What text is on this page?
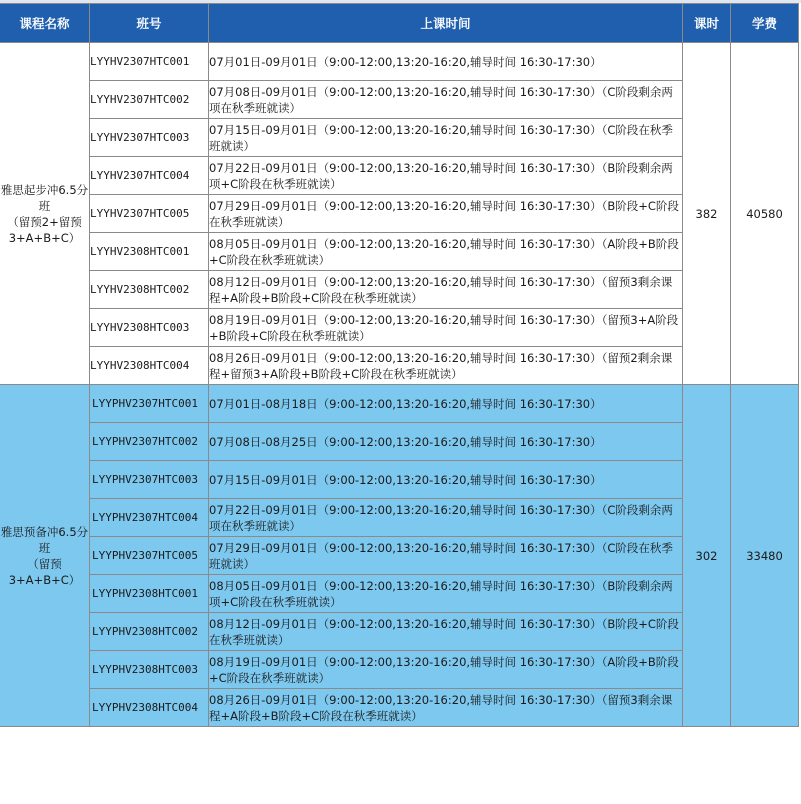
课程名称	班号	上课时间	课时	学费
雅思起步冲6.5分班
（留预2+留预3+A+B+C）	LYYHV2307HTC001	07月01日-09月01日（9:00-12:00,13:20-16:20,辅导时间 16:30-17:30）	382	40580
	LYYHV2307HTC002	07月08日-09月01日（9:00-12:00,13:20-16:20,辅导时间 16:30-17:30）（C阶段剩余两项在秋季班就读）		
	LYYHV2307HTC003	07月15日-09月01日（9:00-12:00,13:20-16:20,辅导时间 16:30-17:30）（C阶段在秋季班就读）		
	LYYHV2307HTC004	07月22日-09月01日（9:00-12:00,13:20-16:20,辅导时间 16:30-17:30）（B阶段剩余两项+C阶段在秋季班就读）		
	LYYHV2307HTC005	07月29日-09月01日（9:00-12:00,13:20-16:20,辅导时间 16:30-17:30）（B阶段+C阶段在秋季班就读）		
	LYYHV2308HTC001	08月05日-09月01日（9:00-12:00,13:20-16:20,辅导时间 16:30-17:30）（A阶段+B阶段+C阶段在秋季班就读）		
	LYYHV2308HTC002	08月12日-09月01日（9:00-12:00,13:20-16:20,辅导时间 16:30-17:30）（留预3剩余课程+A阶段+B阶段+C阶段在秋季班就读）		
	LYYHV2308HTC003	08月19日-09月01日（9:00-12:00,13:20-16:20,辅导时间 16:30-17:30）（留预3+A阶段+B阶段+C阶段在秋季班就读）		
	LYYHV2308HTC004	08月26日-09月01日（9:00-12:00,13:20-16:20,辅导时间 16:30-17:30）（留预2剩余课程+留预3+A阶段+B阶段+C阶段在秋季班就读）		
雅思预备冲6.5分班
（留预3+A+B+C）	LYYPHV2307HTC001	07月01日-08月18日（9:00-12:00,13:20-16:20,辅导时间 16:30-17:30）	302	33480
	LYYPHV2307HTC002	07月08日-08月25日（9:00-12:00,13:20-16:20,辅导时间 16:30-17:30）		
	LYYPHV2307HTC003	07月15日-09月01日（9:00-12:00,13:20-16:20,辅导时间 16:30-17:30）		
	LYYPHV2307HTC004	07月22日-09月01日（9:00-12:00,13:20-16:20,辅导时间 16:30-17:30）（C阶段剩余两项在秋季班就读）		
	LYYPHV2307HTC005	07月29日-09月01日（9:00-12:00,13:20-16:20,辅导时间 16:30-17:30）（C阶段在秋季班就读）		
	LYYPHV2308HTC001	08月05日-09月01日（9:00-12:00,13:20-16:20,辅导时间 16:30-17:30）（B阶段剩余两项+C阶段在秋季班就读）		
	LYYPHV2308HTC002	08月12日-09月01日（9:00-12:00,13:20-16:20,辅导时间 16:30-17:30）（B阶段+C阶段在秋季班就读）		
	LYYPHV2308HTC003	08月19日-09月01日（9:00-12:00,13:20-16:20,辅导时间 16:30-17:30）（A阶段+B阶段+C阶段在秋季班就读）		
	LYYPHV2308HTC004	08月26日-09月01日（9:00-12:00,13:20-16:20,辅导时间 16:30-17:30）（留预3剩余课程+A阶段+B阶段+C阶段在秋季班就读）		
